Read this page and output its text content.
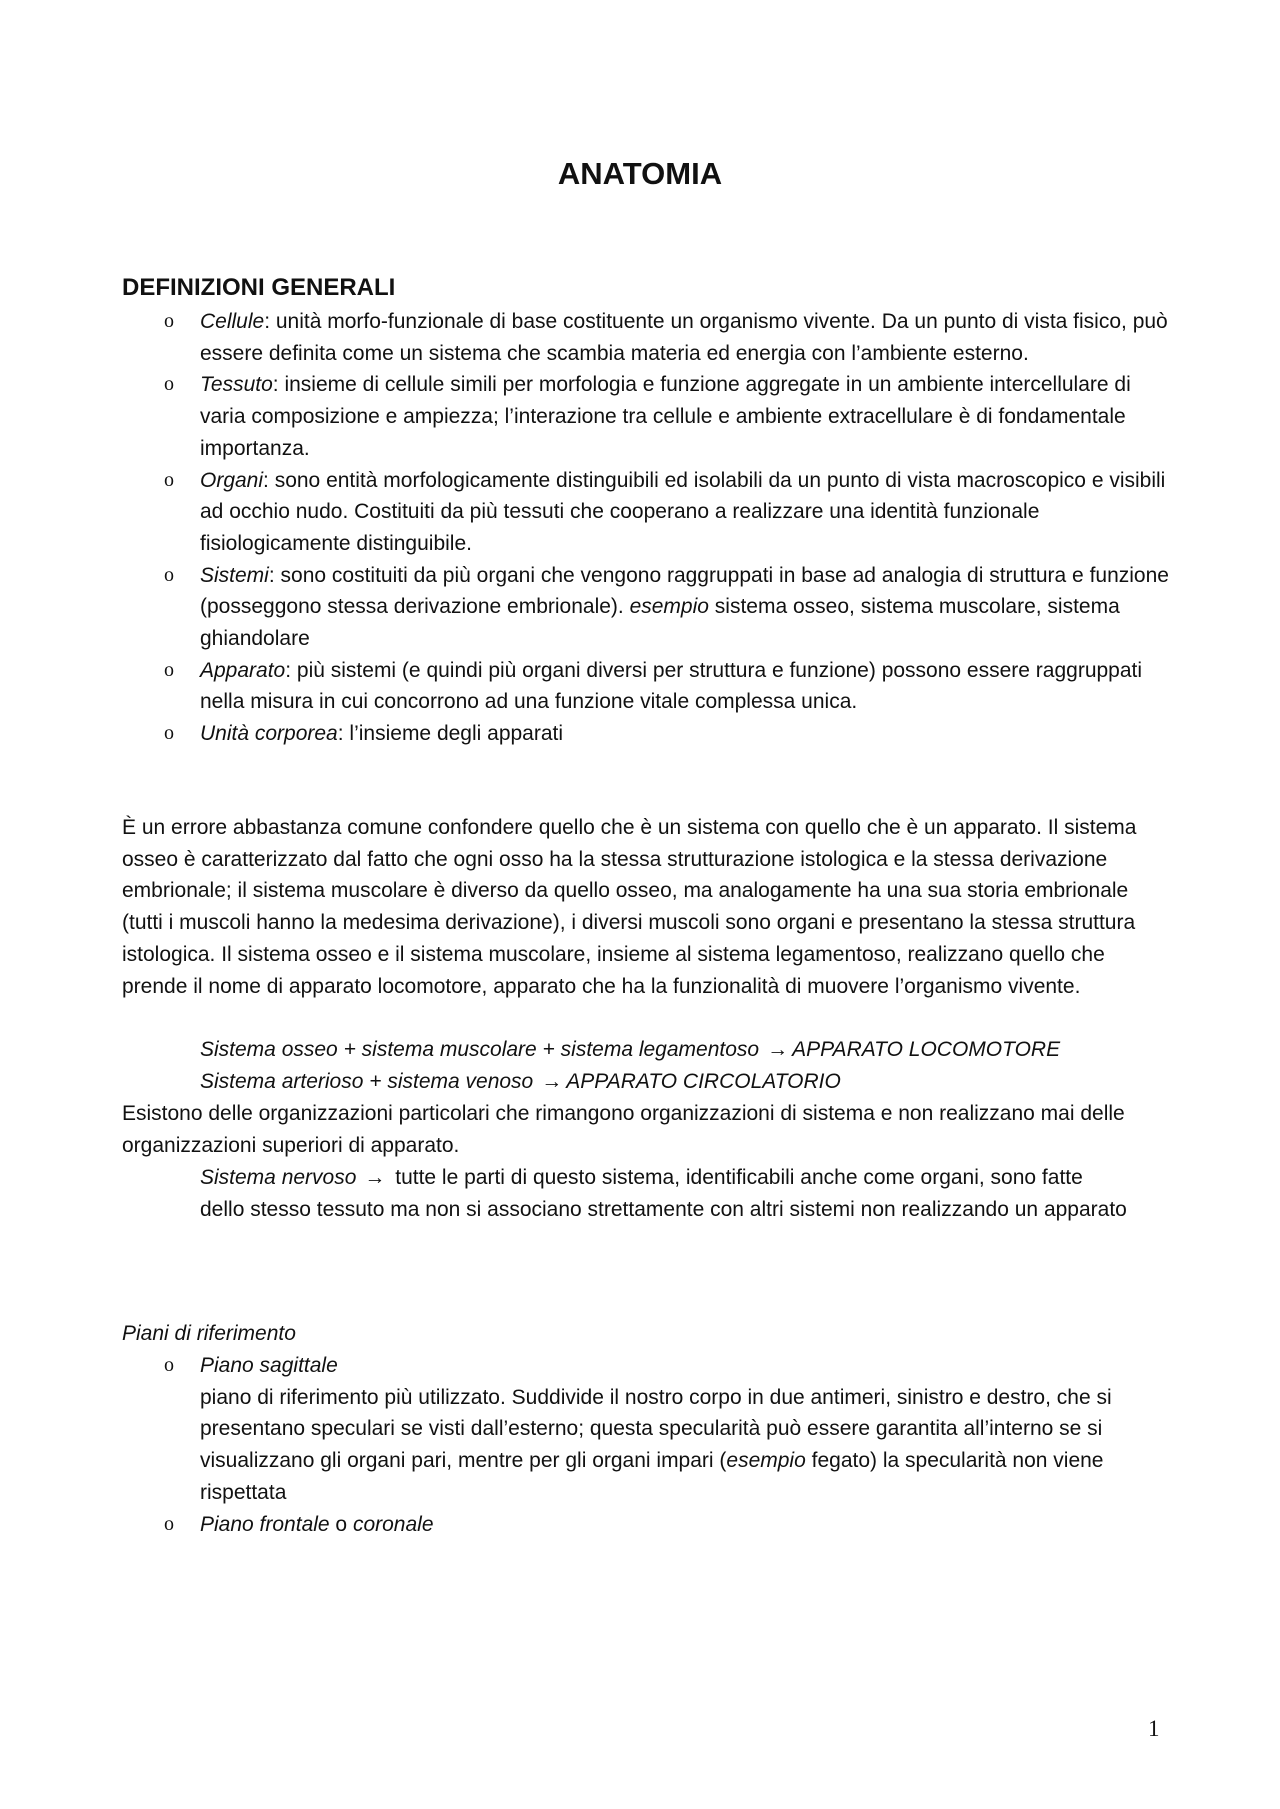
ANATOMIA
DEFINIZIONI GENERALI
o Cellule: unità morfo-funzionale di base costituente un organismo vivente. Da un punto di vista fisico, può essere definita come un sistema che scambia materia ed energia con l’ambiente esterno.
o Tessuto: insieme di cellule simili per morfologia e funzione aggregate in un ambiente intercellulare di varia composizione e ampiezza; l’interazione tra cellule e ambiente extracellulare è di fondamentale importanza.
o Organi: sono entità morfologicamente distinguibili ed isolabili da un punto di vista macroscopico e visibili ad occhio nudo. Costituiti da più tessuti che cooperano a realizzare una identità funzionale fisiologicamente distinguibile.
o Sistemi: sono costituiti da più organi che vengono raggruppati in base ad analogia di struttura e funzione (posseggono stessa derivazione embrionale). esempio sistema osseo, sistema muscolare, sistema ghiandolare
o Apparato: più sistemi (e quindi più organi diversi per struttura e funzione) possono essere raggruppati nella misura in cui concorrono ad una funzione vitale complessa unica.
o Unità corporea: l’insieme degli apparati

È un errore abbastanza comune confondere quello che è un sistema con quello che è un apparato. Il sistema osseo è caratterizzato dal fatto che ogni osso ha la stessa strutturazione istologica e la stessa derivazione embrionale; il sistema muscolare è diverso da quello osseo, ma analogamente ha una sua storia embrionale (tutti i muscoli hanno la medesima derivazione), i diversi muscoli sono organi e presentano la stessa struttura istologica. Il sistema osseo e il sistema muscolare, insieme al sistema legamentoso, realizzano quello che prende il nome di apparato locomotore, apparato che ha la funzionalità di muovere l’organismo vivente.

Sistema osseo + sistema muscolare + sistema legamentoso → APPARATO LOCOMOTORE

Sistema arterioso + sistema venoso → APPARATO CIRCOLATORIO

Esistono delle organizzazioni particolari che rimangono organizzazioni di sistema e non realizzano mai delle organizzazioni superiori di apparato.

Sistema nervoso → tutte le parti di questo sistema, identificabili anche come organi, sono fatte dello stesso tessuto ma non si associano strettamente con altri sistemi non realizzando un apparato

Piani di riferimento

o Piano sagittale
piano di riferimento più utilizzato. Suddivide il nostro corpo in due antimeri, sinistro e destro, che si presentano speculari se visti dall’esterno; questa specularità può essere garantita all’interno se si visualizzano gli organi pari, mentre per gli organi impari (esempio fegato) la specularità non viene rispettata
o Piano frontale o coronale
1
